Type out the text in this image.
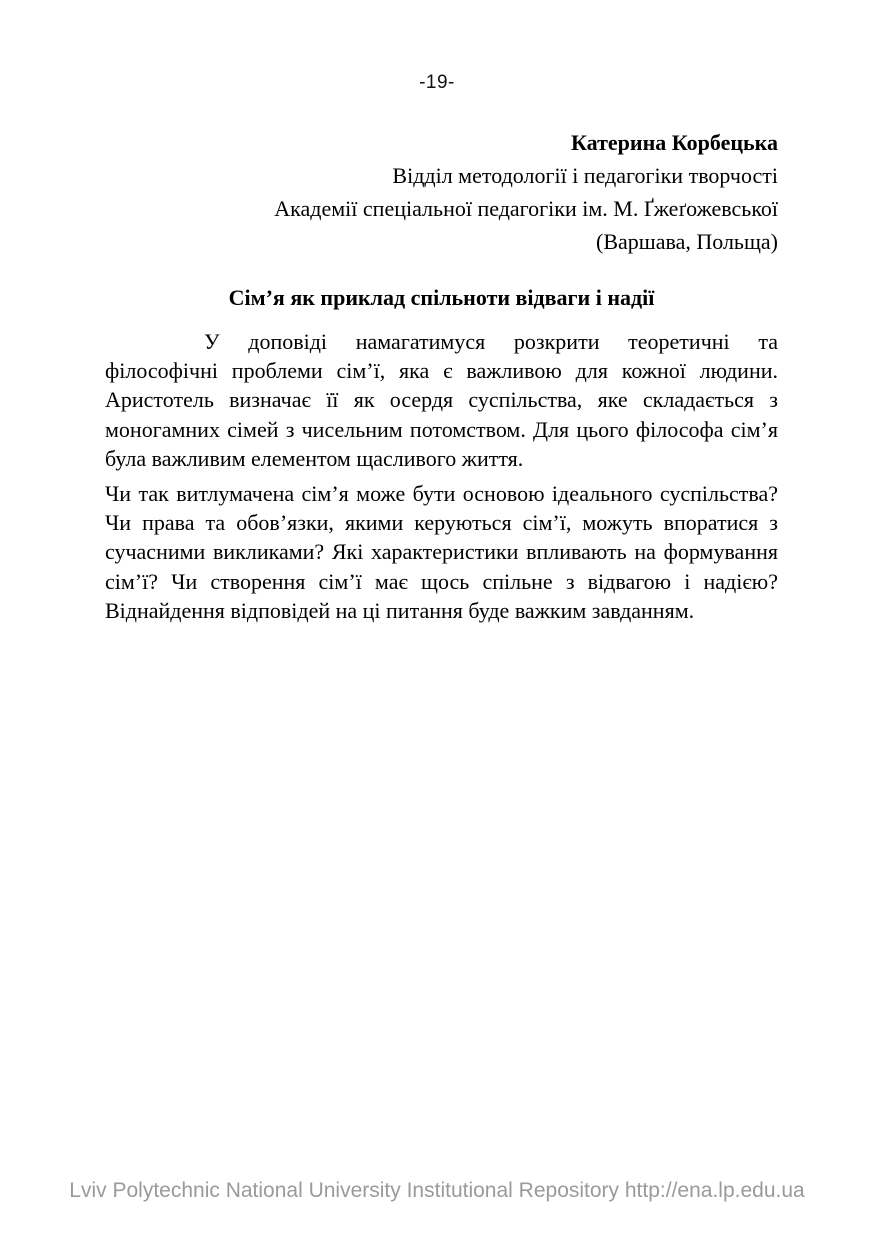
-19-
Катерина Корбецька
Відділ методології і педагогіки творчості
Академії спеціальної педагогіки ім. М. Ґжеґожевської
(Варшава, Польща)
Сім’я як приклад спільноти відваги і надії

У доповіді намагатимуся розкрити теоретичні та філософічні проблеми сім’ї, яка є важливою для кожної людини. Аристотель визначає її як осердя суспільства, яке складається з моногамних сімей з чисельним потомством. Для цього філософа сім’я була важливим елементом щасливого життя.

Чи так витлумачена сім’я може бути основою ідеального суспільства? Чи права та обов’язки, якими керуються сім’ї, можуть впоратися з сучасними викликами? Які характеристики впливають на формування сім’ї? Чи створення сім’ї має щось спільне з відвагою і надією? Віднайдення відповідей на ці питання буде важким завданням.

Lviv Polytechnic National University Institutional Repository http://ena.lp.edu.ua
